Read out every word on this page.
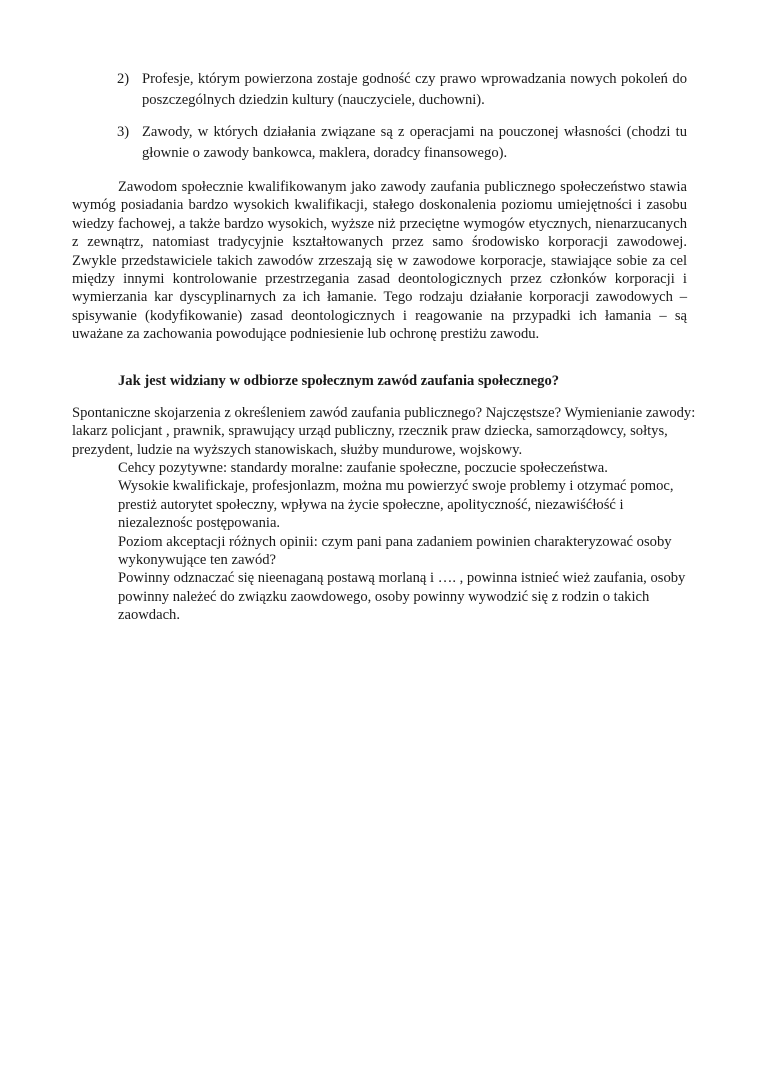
2) Profesje, którym powierzona zostaje godność czy prawo wprowadzania nowych pokoleń do poszczególnych dziedzin kultury (nauczyciele, duchowni).
3) Zawody, w których działania związane są z operacjami na pouczonej własności (chodzi tu głownie o zawody bankowca, maklera, doradcy finansowego).

Zawodom społecznie kwalifikowanym jako zawody zaufania publicznego społeczeństwo stawia wymóg posiadania bardzo wysokich kwalifikacji, stałego doskonalenia poziomu umiejętności i zasobu wiedzy fachowej, a także bardzo wysokich, wyższe niż przeciętne wymogów etycznych, nienarzucanych z zewnątrz, natomiast tradycyjnie kształtowanych przez samo środowisko korporacji zawodowej. Zwykle przedstawiciele takich zawodów zrzeszają się w zawodowe korporacje, stawiające sobie za cel między innymi kontrolowanie przestrzegania zasad deontologicznych przez członków korporacji i wymierzania kar dyscyplinarnych za ich łamanie. Tego rodzaju działanie korporacji zawodowych – spisywanie (kodyfikowanie) zasad deontologicznych i reagowanie na przypadki ich łamania – są uważane za zachowania powodujące podniesienie lub ochronę prestiżu zawodu.

Jak jest widziany w odbiorze społecznym zawód zaufania społecznego?

Spontaniczne skojarzenia z określeniem zawód zaufania publicznego? Najczęstsze? Wymienianie zawody: lakarz policjant , prawnik, sprawujący urząd publiczny, rzecznik praw dziecka, samorządowcy, sołtys, prezydent, ludzie na wyższych stanowiskach, służby mundurowe, wojskowy.

Cehcy pozytywne: standardy moralne: zaufanie społeczne, poczucie społeczeństwa.

Wysokie kwalifickaje, profesjonlazm, można mu powierzyć swoje problemy i otzymać pomoc, prestiż autorytet społeczny, wpływa na życie społeczne, apolityczność, niezawiśćłość i niezaleznośc postępowania.

Poziom akceptacji różnych opinii: czym pani pana zadaniem powinien charakteryzować osoby wykonywujące ten zawód?

Powinny odznaczać się nieenaganą postawą morlaną i …. , powinna istnieć wież zaufania, osoby powinny należeć do związku zaowdowego, osoby powinny wywodzić się z rodzin o takich zaowdach.
